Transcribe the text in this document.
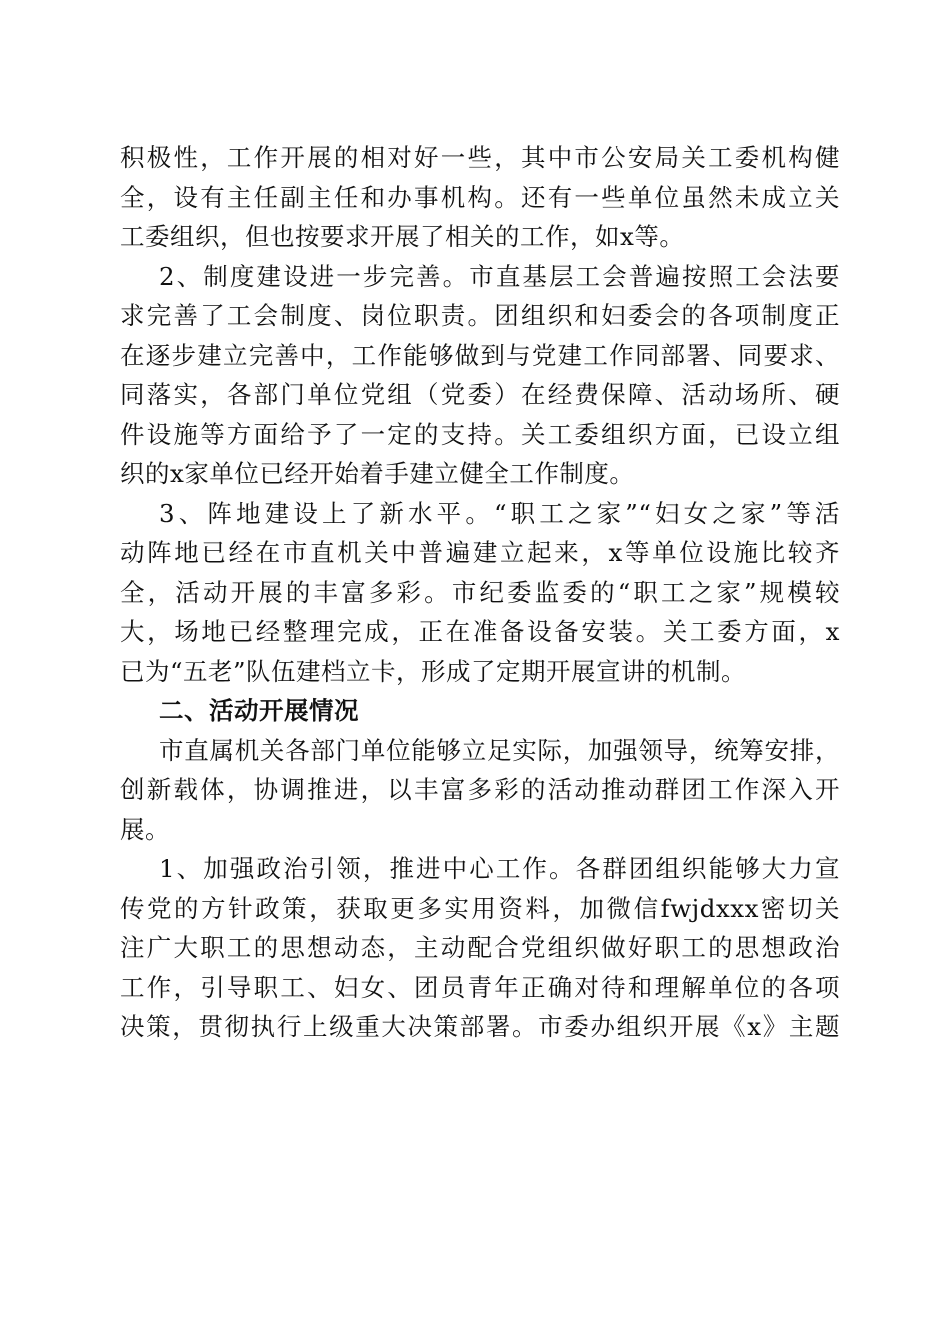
积极性，工作开展的相对好一些，其中市公安局关工委机构健
全，设有主任副主任和办事机构。还有一些单位虽然未成立关
工委组织，但也按要求开展了相关的工作，如x等。
2、制度建设进一步完善。市直基层工会普遍按照工会法要
求完善了工会制度、岗位职责。团组织和妇委会的各项制度正
在逐步建立完善中，工作能够做到与党建工作同部署、同要求、
同落实，各部门单位党组（党委）在经费保障、活动场所、硬
件设施等方面给予了一定的支持。关工委组织方面，已设立组
织的x家单位已经开始着手建立健全工作制度。
3、阵地建设上了新水平。“职工之家”“妇女之家”等活
动阵地已经在市直机关中普遍建立起来，x等单位设施比较齐
全，活动开展的丰富多彩。市纪委监委的“职工之家”规模较
大，场地已经整理完成，正在准备设备安装。关工委方面，x
已为“五老”队伍建档立卡，形成了定期开展宣讲的机制。
二、活动开展情况
市直属机关各部门单位能够立足实际，加强领导，统筹安排，
创新载体，协调推进，以丰富多彩的活动推动群团工作深入开
展。
1、加强政治引领，推进中心工作。各群团组织能够大力宣
传党的方针政策，获取更多实用资料，加微信fwjdxxx密切关
注广大职工的思想动态，主动配合党组织做好职工的思想政治
工作，引导职工、妇女、团员青年正确对待和理解单位的各项
决策，贯彻执行上级重大决策部署。市委办组织开展《x》主题
